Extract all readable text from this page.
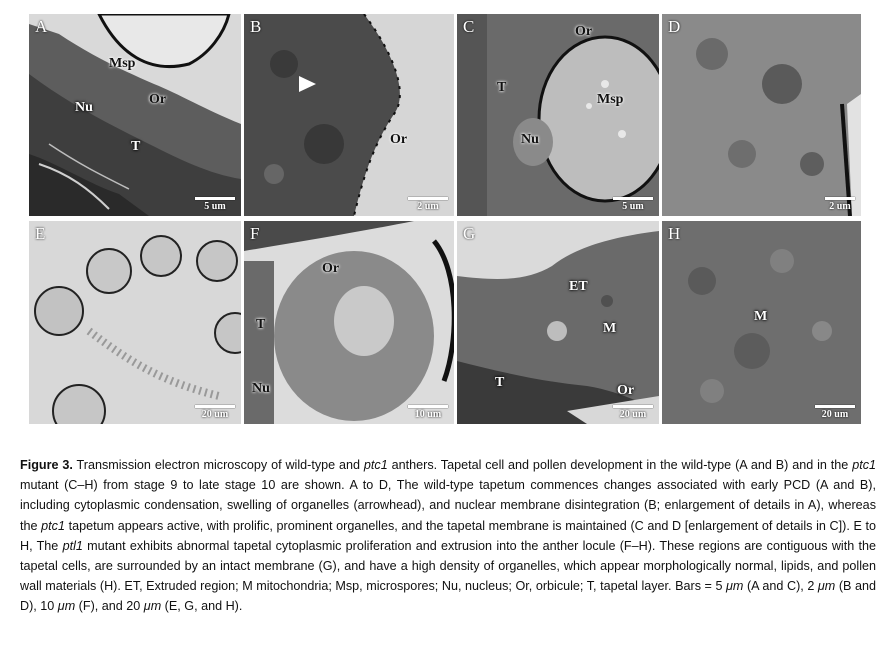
A
Msp
Or
Nu
T
5 um
B
Or
2 um
C	Or
T
Msp
Nu
5 um
D
2 um
E
20 um
F
Or
T
Nu
10 um
G
ET
M
T
Or
20 um
H
M
20 um
Figure 3. Transmission electron microscopy of wild-type and ptc1 anthers. Tapetal cell and pollen development in the wild-type (A and B) and in the ptc1 mutant (C–H) from stage 9 to late stage 10 are shown. A to D, The wild-type tapetum commences changes associated with early PCD (A and B), including cytoplasmic condensation, swelling of organelles (arrowhead), and nuclear membrane disintegration (B; enlargement of details in A), whereas the ptc1 tapetum appears active, with prolific, prominent organelles, and the tapetal membrane is maintained (C and D [enlargement of details in C]). E to H, The ptl1 mutant exhibits abnormal tapetal cytoplasmic proliferation and extrusion into the anther locule (F–H). These regions are contiguous with the tapetal cells, are surrounded by an intact membrane (G), and have a high density of organelles, which appear morphologically normal, lipids, and pollen wall materials (H). ET, Extruded region; M mitochondria; Msp, microspores; Nu, nucleus; Or, orbicule; T, tapetal layer. Bars = 5 μm (A and C), 2 μm (B and D), 10 μm (F), and 20 μm (E, G, and H).
